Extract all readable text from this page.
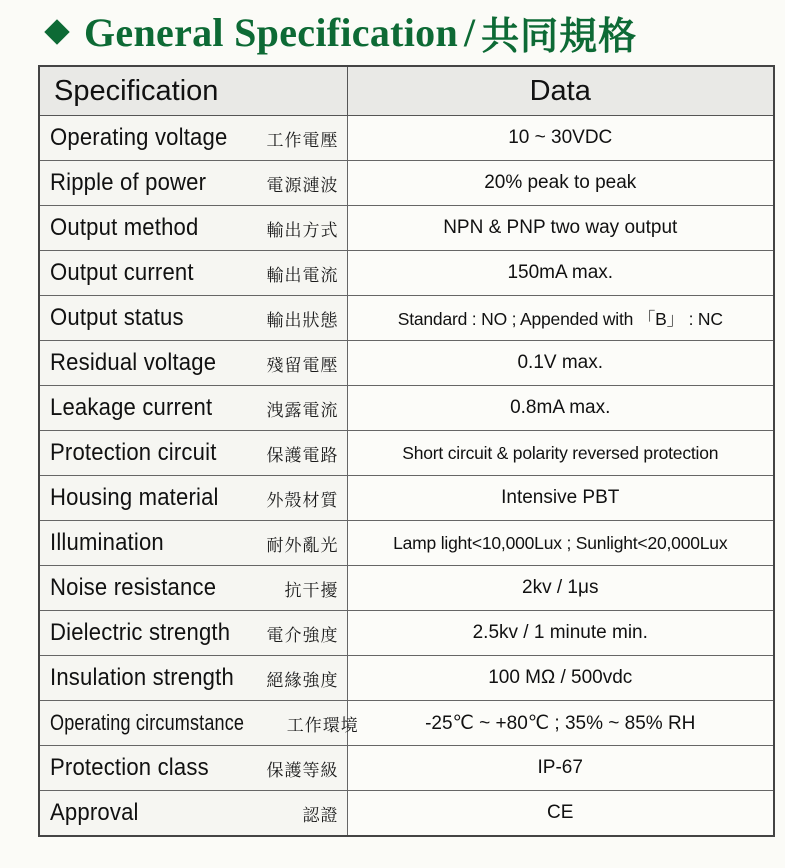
General Specification / 共同規格
Specification	Data

Operating voltage 工作電壓	10 ~ 30VDC

Ripple of power 電源漣波	20% peak to peak

Output method 輸出方式	NPN & PNP two way output

Output current 輸出電流	150mA max.

Output status 輸出狀態	Standard : NO ; Appended with 「B」 : NC

Residual voltage 殘留電壓	0.1V max.

Leakage current 洩露電流	0.8mA max.

Protection circuit 保護電路	Short circuit & polarity reversed protection

Housing material 外殼材質	Intensive PBT

Illumination 耐外亂光	Lamp light<10,000Lux ; Sunlight<20,000Lux

Noise resistance 抗干擾	2kv / 1μs

Dielectric strength 電介強度	2.5kv / 1 minute min.

Insulation strength 絕緣強度	100 MΩ / 500vdc

Operating circumstance 工作環境	-25℃ ~ +80℃ ; 35% ~ 85% RH

Protection class 保護等級	IP-67

Approval 認證	CE
